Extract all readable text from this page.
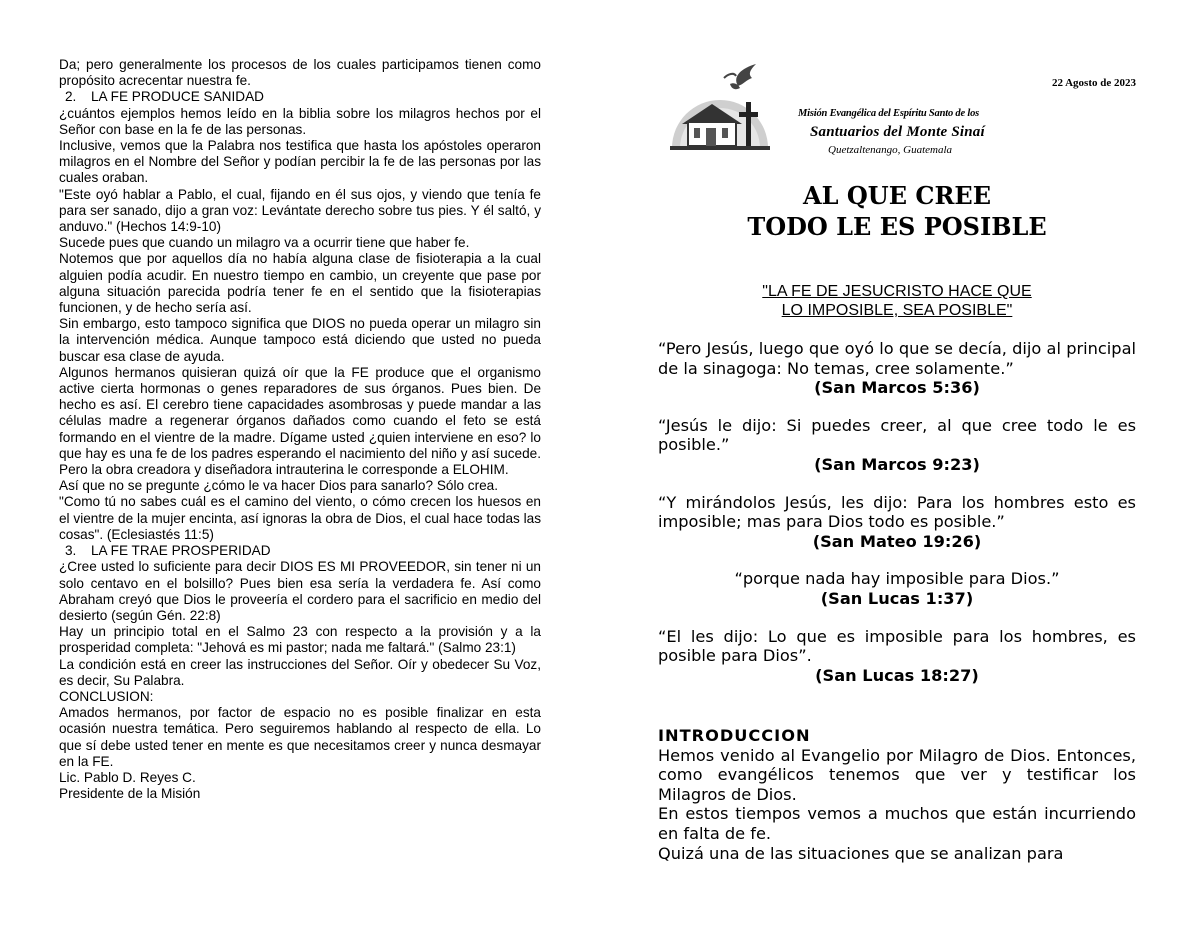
Da; pero generalmente los procesos de los cuales participamos tienen como propósito acrecentar nuestra fe.

2. LA FE PRODUCE SANIDAD

¿cuántos ejemplos hemos leído en la biblia sobre los milagros hechos por el Señor con base en la fe de las personas.

Inclusive, vemos que la Palabra nos testifica que hasta los apóstoles operaron milagros en el Nombre del Señor y podían percibir la fe de las personas por las cuales oraban.

"Este oyó hablar a Pablo, el cual, fijando en él sus ojos, y viendo que tenía fe para ser sanado, dijo a gran voz: Levántate derecho sobre tus pies. Y él saltó, y anduvo." (Hechos 14:9-10)

Sucede pues que cuando un milagro va a ocurrir tiene que haber fe.

Notemos que por aquellos día no había alguna clase de fisioterapia a la cual alguien podía acudir. En nuestro tiempo en cambio, un creyente que pase por alguna situación parecida podría tener fe en el sentido que la fisioterapias funcionen, y de hecho sería así.

Sin embargo, esto tampoco significa que DIOS no pueda operar un milagro sin la intervención médica. Aunque tampoco está diciendo que usted no pueda buscar esa clase de ayuda.

Algunos hermanos quisieran quizá oír que la FE produce que el organismo active cierta hormonas o genes reparadores de sus órganos. Pues bien. De hecho es así. El cerebro tiene capacidades asombrosas y puede mandar a las células madre a regenerar órganos dañados como cuando el feto se está formando en el vientre de la madre. Dígame usted ¿quien interviene en eso? lo que hay es una fe de los padres esperando el nacimiento del niño y así sucede. Pero la obra creadora y diseñadora intrauterina le corresponde a ELOHIM.

Así que no se pregunte ¿cómo le va hacer Dios para sanarlo? Sólo crea.

"Como tú no sabes cuál es el camino del viento, o cómo crecen los huesos en el vientre de la mujer encinta, así ignoras la obra de Dios, el cual hace todas las cosas". (Eclesiastés 11:5)

3. LA FE TRAE PROSPERIDAD

¿Cree usted lo suficiente para decir DIOS ES MI PROVEEDOR, sin tener ni un solo centavo en el bolsillo? Pues bien esa sería la verdadera fe. Así como Abraham creyó que Dios le proveería el cordero para el sacrificio en medio del desierto (según Gén. 22:8)

Hay un principio total en el Salmo 23 con respecto a la provisión y a la prosperidad completa: "Jehová es mi pastor; nada me faltará." (Salmo 23:1)

La condición está en creer las instrucciones del Señor. Oír y obedecer Su Voz, es decir, Su Palabra.

CONCLUSION:

Amados hermanos, por factor de espacio no es posible finalizar en esta ocasión nuestra temática. Pero seguiremos hablando al respecto de ella. Lo que sí debe usted tener en mente es que necesitamos creer y nunca desmayar en la FE.

Lic. Pablo D. Reyes C.

Presidente de la Misión

22 Agosto de 2023
Misión Evangélica del Espíritu Santo de los
Santuarios del Monte Sinaí
Quetzaltenango, Guatemala
AL QUE CREE
TODO LE ES POSIBLE
"LA FE DE JESUCRISTO HACE QUE
LO IMPOSIBLE, SEA POSIBLE"

“Pero Jesús, luego que oyó lo que se decía, dijo al principal de la sinagoga: No temas, cree solamente.”

(San Marcos 5:36)

“Jesús le dijo: Si puedes creer, al que cree todo le es posible.”

(San Marcos 9:23)

“Y mirándolos Jesús, les dijo: Para los hombres esto es imposible; mas para Dios todo es posible.”

(San Mateo 19:26)

“porque nada hay imposible para Dios.”

(San Lucas 1:37)

“El les dijo: Lo que es imposible para los hombres, es posible para Dios”.

(San Lucas 18:27)

INTRODUCCION

Hemos venido al Evangelio por Milagro de Dios. Entonces, como evangélicos tenemos que ver y testificar los Milagros de Dios.

En estos tiempos vemos a muchos que están incurriendo en falta de fe.

Quizá una de las situaciones que se analizan para
